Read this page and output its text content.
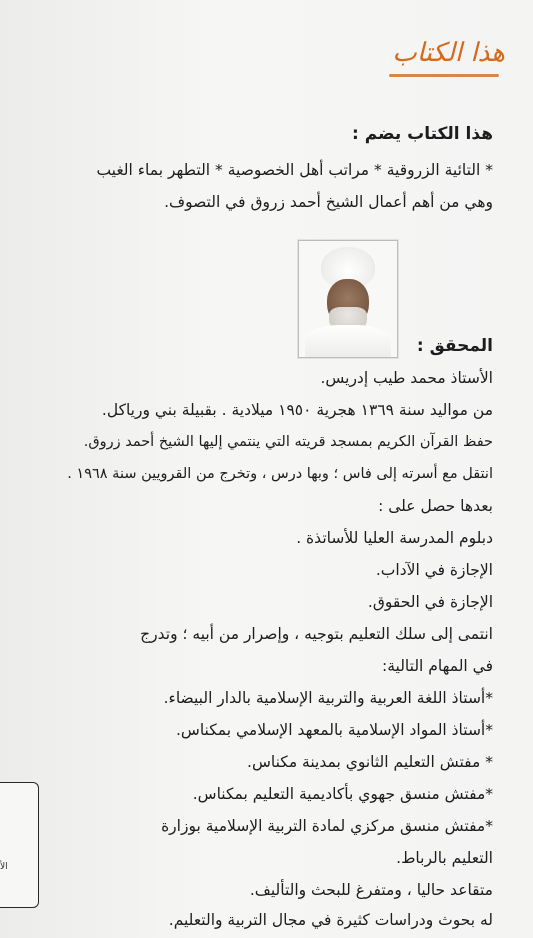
هذا الكتاب
هذا الكتاب يضم :
* التائية الزروقية * مراتب أهل الخصوصية * التطهر بماء الغيب
وهي من أهم أعمال الشيخ أحمد زروق في التصوف.
المحقق :
الأستاذ محمد طيب إدريس.
من مواليد سنة ١٣٦٩ هجرية ١٩٥٠ ميلادية . بقبيلة بني ورياكل.
حفظ القرآن الكريم بمسجد قريته التي ينتمي إليها الشيخ أحمد زروق.
انتقل مع أسرته إلى فاس ؛ وبها درس ، وتخرج من القرويين سنة ١٩٦٨ .
بعدها حصل على :
دبلوم المدرسة العليا للأساتذة .
الإجازة في الآداب.
الإجازة في الحقوق.
انتمى إلى سلك التعليم بتوجيه ، وإصرار من أبيه ؛ وتدرج
في المهام التالية:
*أستاذ اللغة العربية والتربية الإسلامية بالدار البيضاء.
*أستاذ المواد الإسلامية بالمعهد الإسلامي بمكناس.
* مفتش التعليم الثانوي بمدينة مكناس.
*مفتش منسق جهوي بأكاديمية التعليم بمكناس.
*مفتش منسق مركزي لمادة التربية الإسلامية بوزارة
التعليم بالرباط.
متقاعد حاليا ، ومتفرغ للبحث والتأليف.
له بحوث ودراسات كثيرة في مجال التربية والتعليم.
الأ
